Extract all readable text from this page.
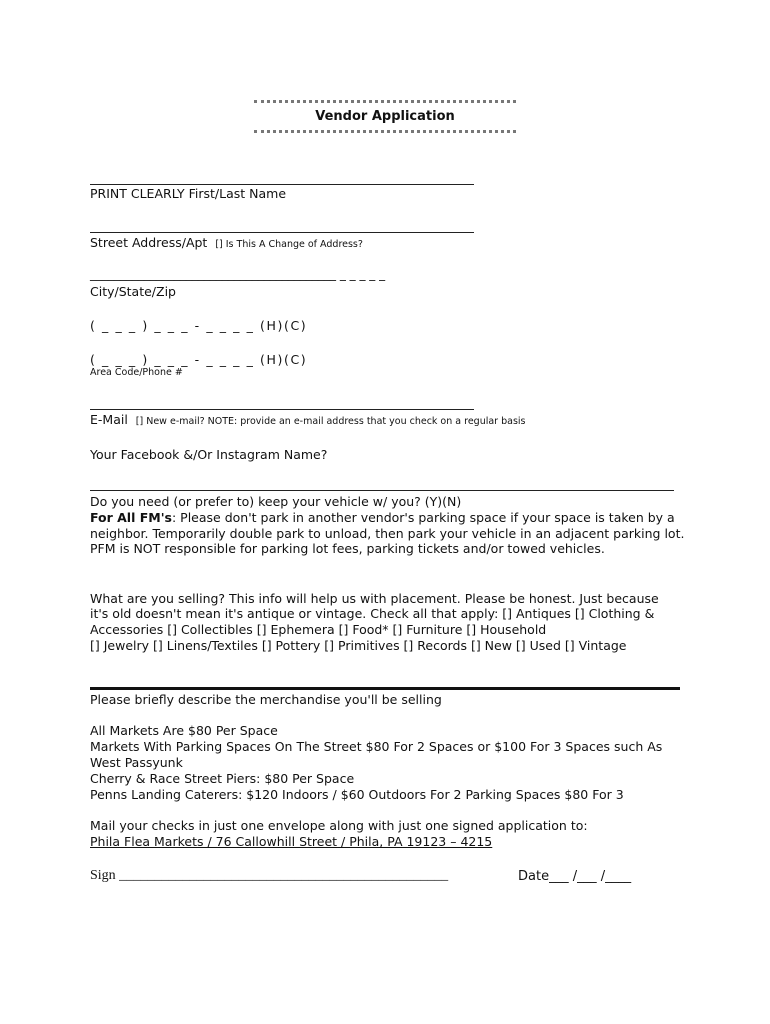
Vendor Application
PRINT CLEARLY First/Last Name
Street Address/Apt [] Is This A Change of Address?
_________________________________________ _ _ _ _ _
City/State/Zip
( _ _ _ ) _ _ _ - _ _ _ _ (H)(C)
( _ _ _ ) _ _ _ - _ _ _ _ (H)(C)
Area Code/Phone #
E-Mail [] New e-mail? NOTE: provide an e-mail address that you check on a regular basis
Your Facebook &/Or Instagram Name?
Do you need (or prefer to) keep your vehicle w/ you? (Y)(N)
For All FM's: Please don't park in another vendor's parking space if your space is taken by a neighbor. Temporarily double park to unload, then park your vehicle in an adjacent parking lot. PFM is NOT responsible for parking lot fees, parking tickets and/or towed vehicles.
What are you selling? This info will help us with placement. Please be honest. Just because
it's old doesn't mean it's antique or vintage. Check all that apply: [] Antiques [] Clothing &
Accessories [] Collectibles [] Ephemera [] Food* [] Furniture [] Household
[] Jewelry [] Linens/Textiles [] Pottery [] Primitives [] Records [] New [] Used [] Vintage
Please briefly describe the merchandise you'll be selling
All Markets Are $80 Per Space
Markets With Parking Spaces On The Street $80 For 2 Spaces or $100 For 3 Spaces such As
West Passyunk
Cherry & Race Street Piers: $80 Per Space
Penns Landing Caterers: $120 Indoors / $60 Outdoors For 2 Parking Spaces $80 For 3
Mail your checks in just one envelope along with just one signed application to:
Phila Flea Markets / 76 Callowhill Street / Phila, PA 19123 – 4215
Sign _______________________________________________	Date___ /___ /____
